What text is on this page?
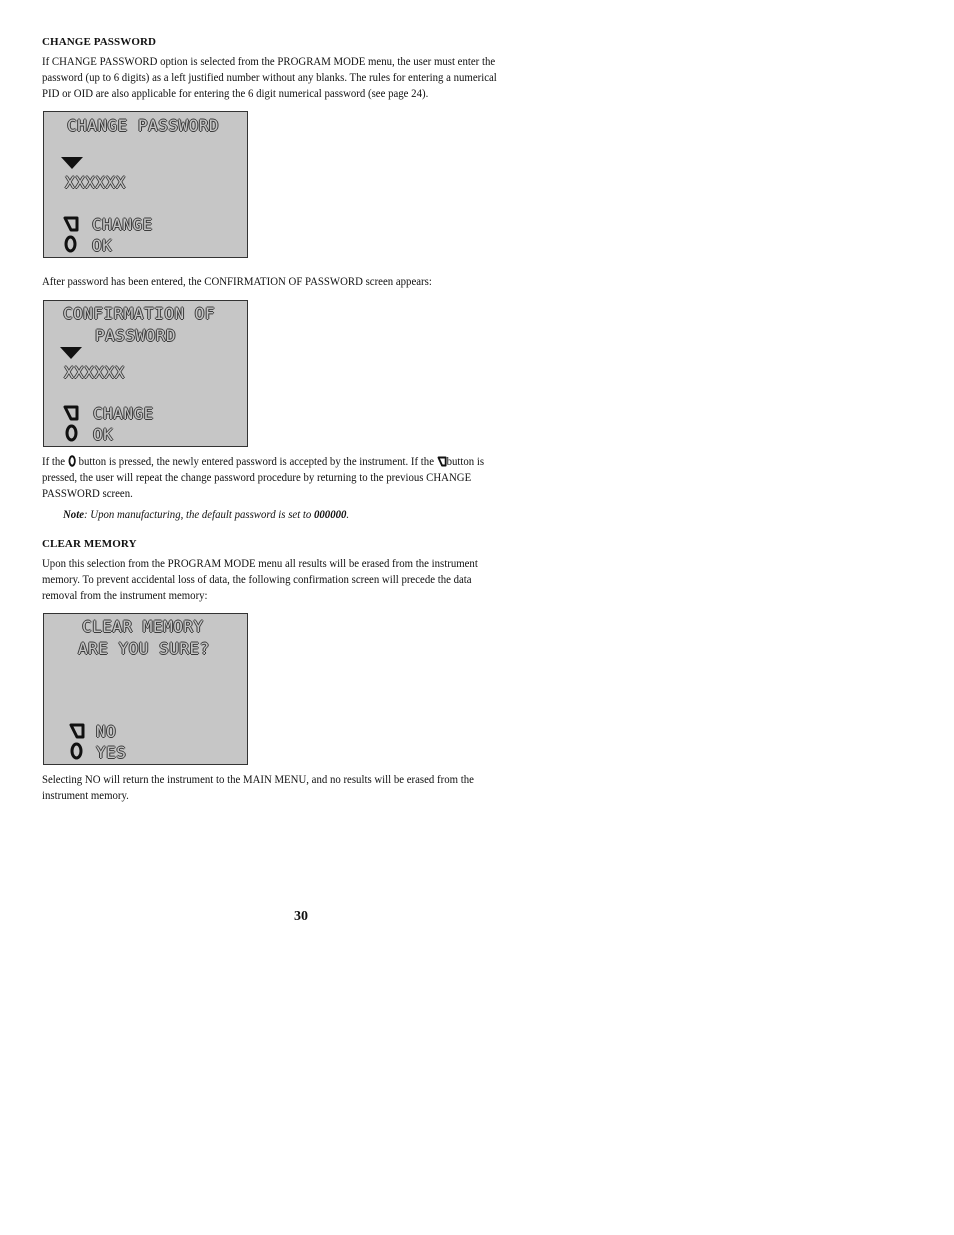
CHANGE PASSWORD
If CHANGE PASSWORD option is selected from the PROGRAM MODE menu, the user must enter the
password (up to 6 digits) as a left justified number without any blanks. The rules for entering a numerical
PID or OID are also applicable for entering the 6 digit numerical password (see page 24).
CHANGE PASSWORD
XXXXXX
CHANGE
OK
After password has been entered, the CONFIRMATION OF PASSWORD screen appears:
CONFIRMATION OF
PASSWORD
XXXXXX
CHANGE
OK
If the button is pressed, the newly entered password is accepted by the instrument. If the button is
pressed, the user will repeat the change password procedure by returning to the previous CHANGE
PASSWORD screen.
Note: Upon manufacturing, the default password is set to 000000.
CLEAR MEMORY
Upon this selection from the PROGRAM MODE menu all results will be erased from the instrument
memory. To prevent accidental loss of data, the following confirmation screen will precede the data
removal from the instrument memory:
CLEAR MEMORY
ARE YOU SURE?
NO
YES
Selecting NO will return the instrument to the MAIN MENU, and no results will be erased from the
instrument memory.
30
